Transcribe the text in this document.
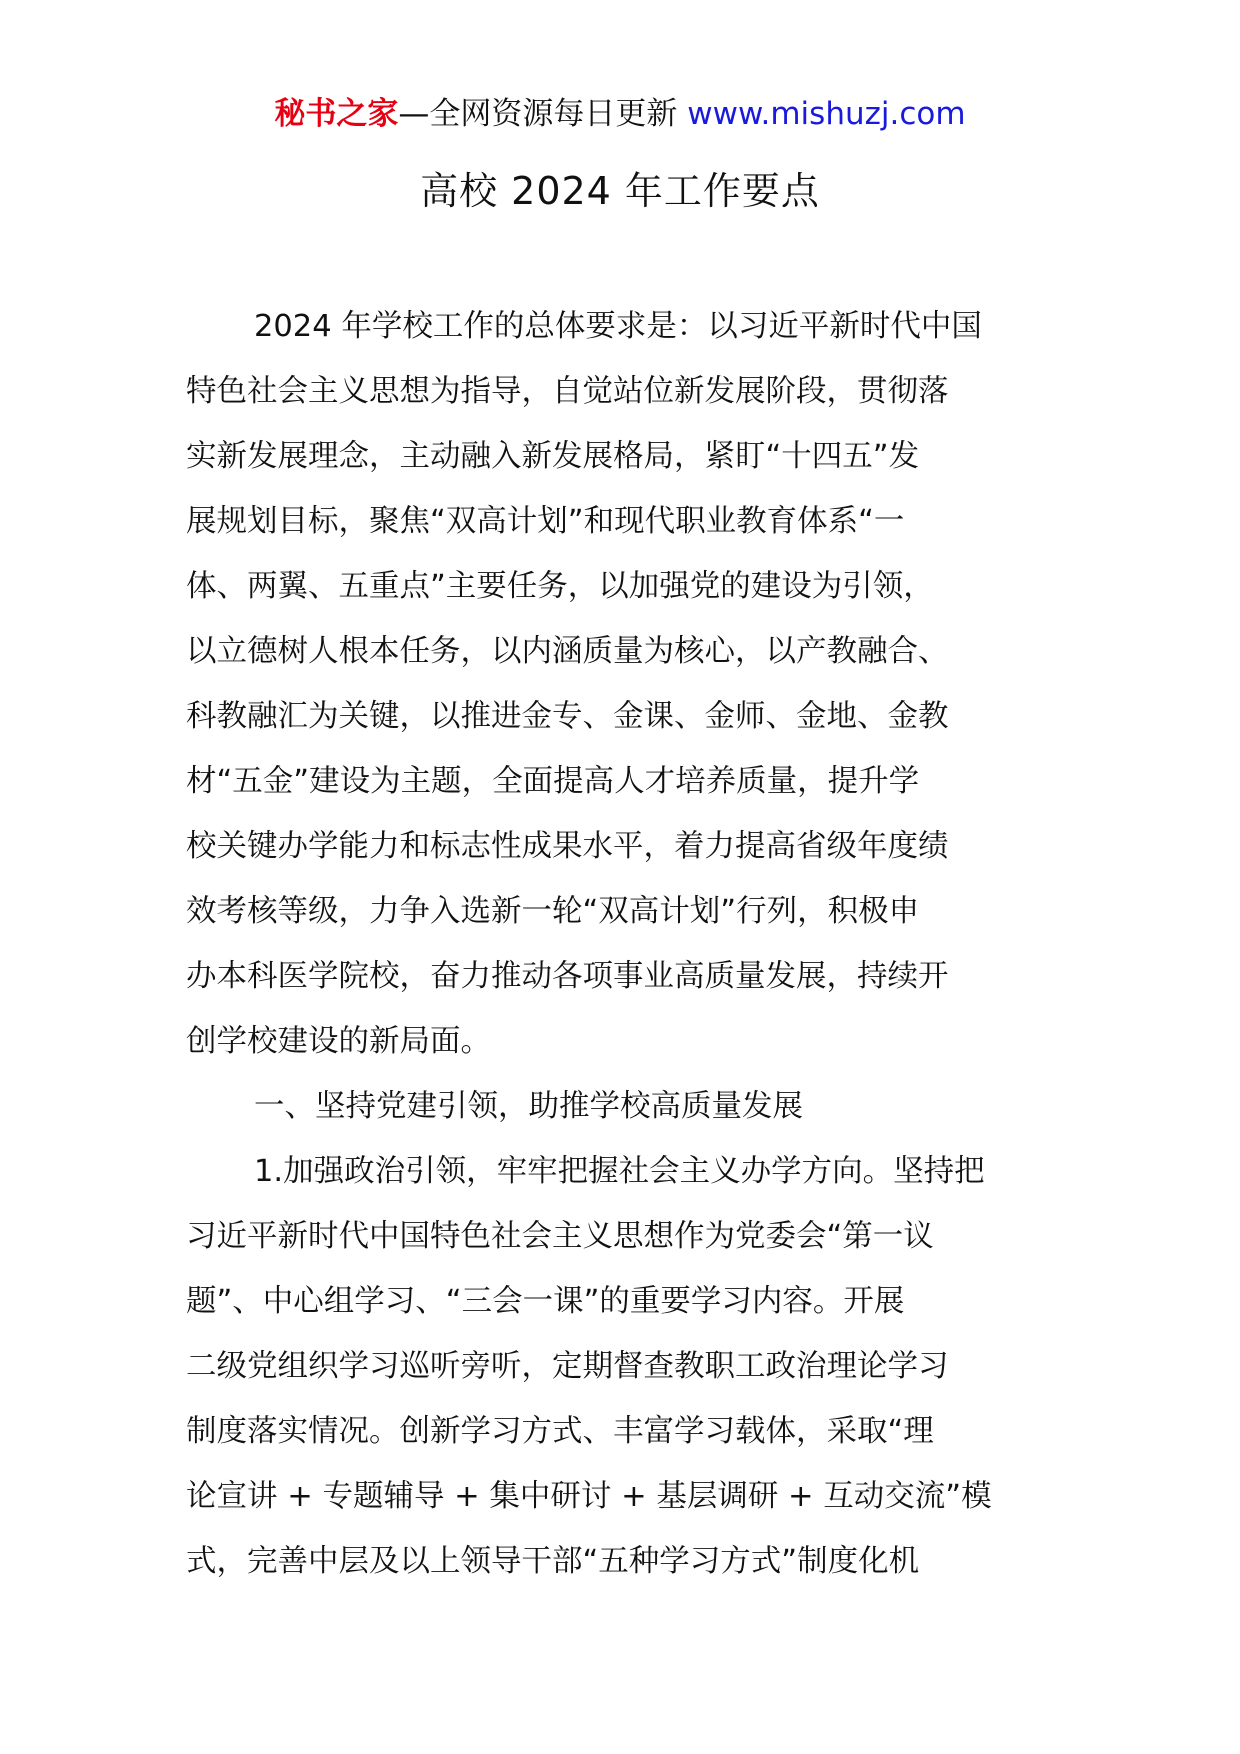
秘书之家—全网资源每日更新 www.mishuzj.com
高校 2024 年工作要点
2024 年学校工作的总体要求是：以习近平新时代中国
特色社会主义思想为指导，自觉站位新发展阶段，贯彻落
实新发展理念，主动融入新发展格局，紧盯“十四五”发
展规划目标，聚焦“双高计划”和现代职业教育体系“一
体、两翼、五重点”主要任务，以加强党的建设为引领，
以立德树人根本任务，以内涵质量为核心，以产教融合、
科教融汇为关键，以推进金专、金课、金师、金地、金教
材“五金”建设为主题，全面提高人才培养质量，提升学
校关键办学能力和标志性成果水平，着力提高省级年度绩
效考核等级，力争入选新一轮“双高计划”行列，积极申
办本科医学院校，奋力推动各项事业高质量发展，持续开
创学校建设的新局面。
一、坚持党建引领，助推学校高质量发展
1.加强政治引领，牢牢把握社会主义办学方向。坚持把
习近平新时代中国特色社会主义思想作为党委会“第一议
题”、中心组学习、“三会一课”的重要学习内容。开展
二级党组织学习巡听旁听，定期督查教职工政治理论学习
制度落实情况。创新学习方式、丰富学习载体，采取“理
论宣讲 + 专题辅导 + 集中研讨 + 基层调研 + 互动交流”模
式，完善中层及以上领导干部“五种学习方式”制度化机
